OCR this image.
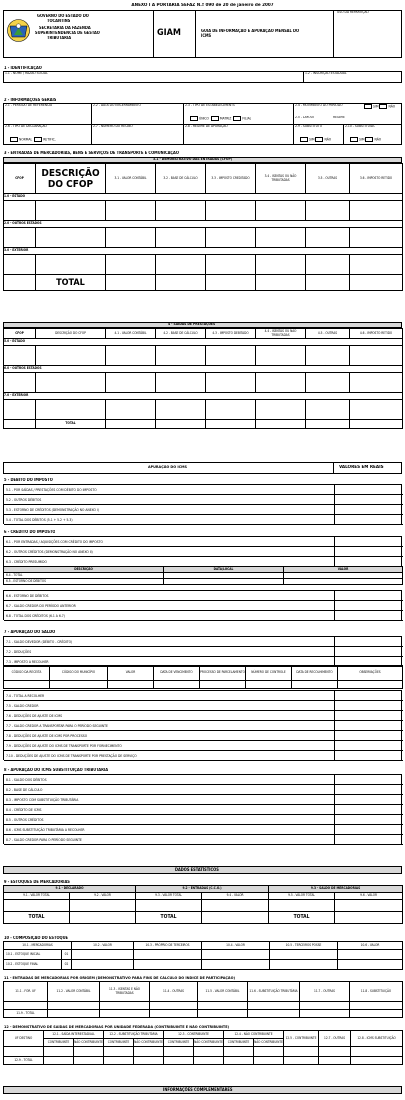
ANEXO I À PORTARIA SEFAZ N.º 090 de 20 de janeiro de 2007
GOVERNO DO ESTADO DO
TOCANTINS
SECRETARIA DA FAZENDA
SUPERINTENDÊNCIA DE GESTÃO
TRIBUTÁRIA	GIAM	GUIA DE INFORMAÇÃO E APURAÇÃO MENSAL DO ICMS
USO DA REPARTIÇÃO
1 - IDENTIFICAÇÃO
1.1 - NOME / RAZÃO SOCIAL	1.2 - INSCRIÇÃO ESTADUAL
2 - INFORMAÇÕES GERAIS
2.1 - PERÍODO DE REFERÊNCIA	2.2 - DATA DO ENCERRAMENTO	2.3 - TIPO DE ESTABELECIMENTO
ÚNICO	MATRIZ	FILIAL
2.4 - MOVIMENTO DO PERÍODO	SIM	NÃO
2.5 - LAYOUT	REGIME
2.6 - TIPO DE DECLARAÇÃO
NORMAL	RETIFIC.
2.7 - NÚMERO DO RECIBO	2.8 - REGIME DE APURAÇÃO	2.9 - SUBSTITUTO
SIM	NÃO
2.10 - SUBSTITUÍDO
SIM	NÃO
3 - ENTRADAS DE MERCADORIAS, BENS E SERVIÇOS DE TRANSPORTE E COMUNICAÇÃO
3.1 - DEMONSTRATIVO DAS ENTRADAS (CFOP)
CFOP	DESCRIÇÃO DO CFOP	3.1 - VALOR CONTÁBIL	3.2 - BASE DE CÁLCULO	3.3 - IMPOSTO CREDITADO	3.4 - ISENTAS OU NÃO TRIBUTADAS	3.5 - OUTRAS	3.6 - IMPOSTO RETIDO
1.0 - ESTADO							

2.0 - OUTROS ESTADOS							

3.0 - EXTERIOR							

	TOTAL						
4 - SAÍDAS DE PRESTAÇÕES
CFOP	DESCRIÇÃO DO CFOP	4.1 - VALOR CONTÁBIL	4.2 - BASE DE CÁLCULO	4.3 - IMPOSTO DEBITADO	4.4 - ISENTAS OU NÃO TRIBUTADAS	4.5 - OUTRAS	4.6 - IMPOSTO RETIDO
5.0 - ESTADO							

6.0 - OUTROS ESTADOS							

7.0 - EXTERIOR							

	TOTAL						
APURAÇÃO DO ICMS	VALORES EM REAIS
5 - DÉBITO DO IMPOSTO
5.1 - POR SAÍDAS / PRESTAÇÕES COM DÉBITO DO IMPOSTO
5.2 - OUTROS DÉBITOS
5.3 - ESTORNO DE CRÉDITOS (DEMONSTRAÇÃO NO ANEXO I)
5.4 - TOTAL DOS DÉBITOS (5.1 + 5.2 + 5.3)
6 - CRÉDITO DO IMPOSTO
6.1 - POR ENTRADAS / AQUISIÇÕES COM CRÉDITO DO IMPOSTO
6.2 - OUTROS CRÉDITOS (DEMONSTRAÇÃO NO ANEXO II)
6.3 - CRÉDITO PRESUMIDO
DESCRIÇÃO	DATA/LOCAL	VALOR
6.4 - TOTAL		
6.5 - ESTORNO DE DÉBITOS		
6.6 - ESTORNO DE DÉBITOS
6.7 - SALDO CREDOR DO PERÍODO ANTERIOR
6.8 - TOTAL DOS CRÉDITOS (6.1 A 6.7)
7 - APURAÇÃO DO SALDO
7.1 - SALDO DEVEDOR (DÉBITO - CRÉDITO)
7.2 - DEDUÇÕES
7.3 - IMPOSTO A RECOLHER
CÓDIGO DA RECEITA	CÓDIGO DO MUNICÍPIO	VALOR	DATA DE VENCIMENTO	PROCESSO DE PARCELAMENTO	NÚMERO DE CONTROLE	DATA DE RECOLHIMENTO	OBSERVAÇÕES

7.4 - TOTAL A RECOLHER
7.5 - SALDO CREDOR
7.6 - DEDUÇÕES DE AJUSTE DE ICMS
7.7 - SALDO CREDOR A TRANSPORTAR PARA O PERÍODO SEGUINTE
7.8 - DEDUÇÕES DE AJUSTE DE ICMS POR PROCESSO
7.9 - DEDUÇÕES DE AJUSTE DO ICMS DE TRANSPORTE POR FORNECIMENTO
7.10 - DEDUÇÕES DE AJUSTE DO ICMS DE TRANSPORTE POR PRESTAÇÃO DE SERVIÇO
8 - APURAÇÃO DO ICMS SUBSTITUIÇÃO TRIBUTÁRIA
8.1 - SALDO DOS DÉBITOS
8.2 - BASE DE CÁLCULO
8.3 - IMPOSTO COM SUBSTITUIÇÃO TRIBUTÁRIA
8.4 - CRÉDITO DE ICMS
8.5 - OUTROS CRÉDITOS
8.6 - ICMS SUBSTITUIÇÃO TRIBUTÁRIA A RECOLHER
8.7 - SALDO CREDOR PARA O PERÍODO SEGUINTE
DADOS ESTATÍSTICOS
9 - ESTOQUES DE MERCADORIAS
9.1 - DECLARADO		9.2 - ENTRADAS (C.C.O.)		9.3 - SALDO DE MERCADORIAS	
9.1 - VALOR TOTAL	9.2 - VALOR	9.3 - VALOR TOTAL	9.4 - VALOR	9.5 - VALOR TOTAL	9.6 - VALOR

TOTAL		TOTAL		TOTAL	
10 - COMPOSIÇÃO DO ESTOQUE
10.1 - MERCADORIAS		10.2 - VALOR	10.3 - PRÓPRIO DE TERCEIROS	10.4 - VALOR	10.5 - TERCEIROS POSSE	10.6 - VALOR
10.1 - ESTOQUE INICIAL	01					
10.2 - ESTOQUE FINAL	02					
11 - ENTRADAS DE MERCADORIAS POR ORIGEM (DEMONSTRATIVO PARA FINS DE CÁLCULO DO ÍNDICE DE PARTICIPAÇÃO)
11.1 - FOR. UF	11.2 - VALOR CONTÁBIL	11.3 - ISENTAS E NÃO TRIBUTADAS	11.4 - OUTRAS	11.5 - VALOR CONTÁBIL	11.6 - SUBSTITUIÇÃO TRIBUTÁRIA	11.7 - OUTRAS	11.8 - SUBSTITUIÇÃO

11.9 - TOTAL							
12 - DEMONSTRATIVO DE SAÍDAS DE MERCADORIAS POR UNIDADE FEDERADA (CONTRIBUINTE E NÃO CONTRIBUINTE)
UF DESTINO	12.1 - SAÍDA INTERESTADUAL		12.2 - SUBSTITUIÇÃO TRIBUTÁRIA		12.3 - CONTRIBUINTE		12.4 - NÃO CONTRIBUINTE		12.5 - CONTRIBUINTE	12.7 - OUTRAS	12.8 - ICMS SUBSTITUIÇÃO
	CONTRIBUINTE	NÃO CONTRIBUINTE	CONTRIBUINTE	NÃO CONTRIBUINTE	CONTRIBUINTE	NÃO CONTRIBUINTE	CONTRIBUINTE	NÃO CONTRIBUINTE			

12.9 - TOTAL											
INFORMAÇÕES COMPLEMENTARES
